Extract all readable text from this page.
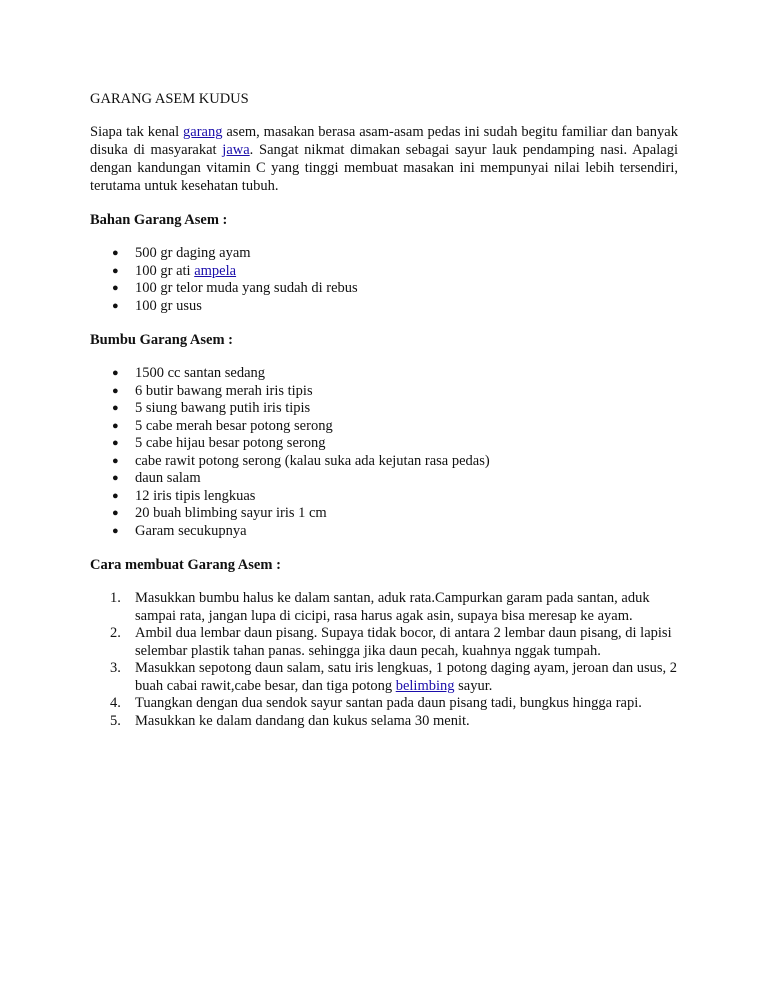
GARANG ASEM KUDUS

Siapa tak kenal garang asem, masakan berasa asam-asam pedas ini sudah begitu familiar dan banyak disuka di masyarakat jawa. Sangat nikmat dimakan sebagai sayur lauk pendamping nasi. Apalagi dengan kandungan vitamin C yang tinggi membuat masakan ini mempunyai nilai lebih tersendiri, terutama untuk kesehatan tubuh.

Bahan Garang Asem :

● 500 gr daging ayam
● 100 gr ati ampela
● 100 gr telor muda yang sudah di rebus
● 100 gr usus

Bumbu Garang Asem :

● 1500 cc santan sedang
● 6 butir bawang merah iris tipis
● 5 siung bawang putih iris tipis
● 5 cabe merah besar potong serong
● 5 cabe hijau besar potong serong
● cabe rawit potong serong (kalau suka ada kejutan rasa pedas)
● daun salam
● 12 iris tipis lengkuas
● 20 buah blimbing sayur iris 1 cm
● Garam secukupnya

Cara membuat Garang Asem :

1. Masukkan bumbu halus ke dalam santan, aduk rata.Campurkan garam pada santan, aduk sampai rata, jangan lupa di cicipi, rasa harus agak asin, supaya bisa meresap ke ayam.
2. Ambil dua lembar daun pisang. Supaya tidak bocor, di antara 2 lembar daun pisang, di lapisi selembar plastik tahan panas. sehingga jika daun pecah, kuahnya nggak tumpah.
3. Masukkan sepotong daun salam, satu iris lengkuas, 1 potong daging ayam, jeroan dan usus, 2 buah cabai rawit,cabe besar, dan tiga potong belimbing sayur.
4. Tuangkan dengan dua sendok sayur santan pada daun pisang tadi, bungkus hingga rapi.
5. Masukkan ke dalam dandang dan kukus selama 30 menit.
